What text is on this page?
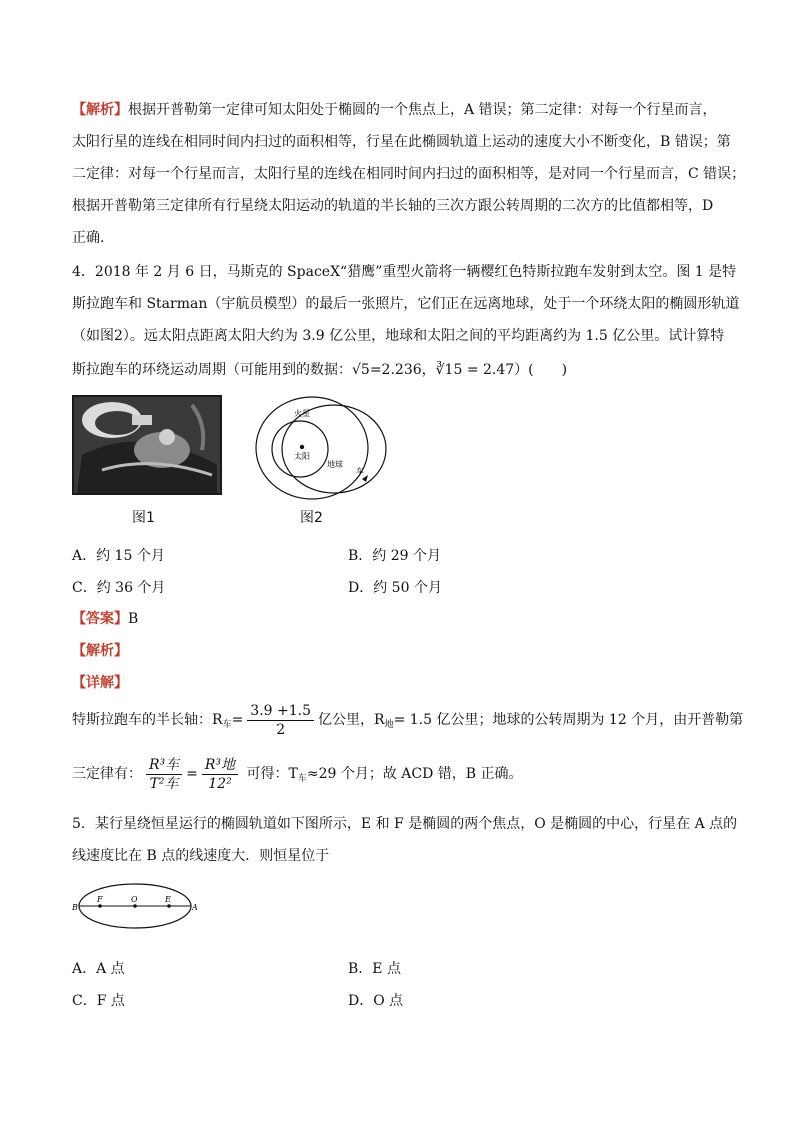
【解析】根据开普勒第一定律可知太阳处于椭圆的一个焦点上，A 错误；第二定律：对每一个行星而言，
太阳行星的连线在相同时间内扫过的面积相等，行星在此椭圆轨道上运动的速度大小不断变化，B 错误；第
二定律：对每一个行星而言，太阳行星的连线在相同时间内扫过的面积相等，是对同一个行星而言，C 错误；
根据开普勒第三定律所有行星绕太阳运动的轨道的半长轴的三次方跟公转周期的二次方的比值都相等，D
正确.
4．2018 年 2 月 6 日，马斯克的 SpaceX“猎鹰”重型火箭将一辆樱红色特斯拉跑车发射到太空。图 1 是特
斯拉跑车和 Starman（宇航员模型）的最后一张照片，它们正在远离地球，处于一个环绕太阳的椭圆形轨道
（如图2）。远太阳点距离太阳大约为 3.9 亿公里，地球和太阳之间的平均距离约为 1.5 亿公里。试计算特
斯拉跑车的环绕运动周期（可能用到的数据：√5=2.236，∛15 = 2.47）(　　)
图1
火星
太阳
地球
车
图2
A．约 15 个月	B．约 29 个月
C．约 36 个月	D．约 50 个月
【答案】B
【解析】
【详解】
特斯拉跑车的半长轴：$R_车= \frac{3.9 +1.5}{2}$ 亿公里，$R_地= 1.5$ 亿公里；地球的公转周期为 12 个月，由开普勒第
三定律有： $\frac{\text{R³车}}{\text{T²车}} = \frac{\text{R³地}}{\text{12²}}$ 可得：$T_车\approx 29$ 个月；故 ACD 错，B 正确。
5．某行星绕恒星运行的椭圆轨道如下图所示，E 和 F 是椭圆的两个焦点，O 是椭圆的中心，行星在 A 点的
线速度比在 B 点的线速度大．则恒星位于
B
F	O	E
A
A．A 点	B．E 点
C．F 点	D．O 点
